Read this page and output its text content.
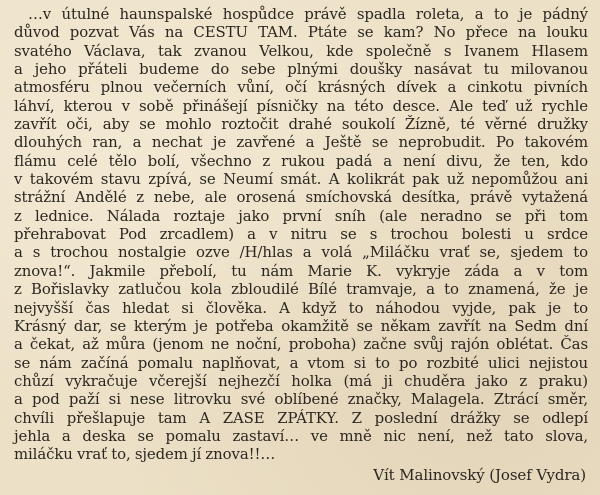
…v útulné haunspalské hospůdce právě spadla roleta, a to je pádný
důvod pozvat Vás na CESTU TAM. Ptáte se kam? No přece na louku
svatého Václava, tak zvanou Velkou, kde společně s Ivanem Hlasem
a jeho přáteli budeme do sebe plnými doušky nasávat tu milovanou
atmosféru plnou večerních vůní, očí krásných dívek a cinkotu pivních
láhví, kterou v sobě přinášejí písničky na této desce. Ale teď už rychle
zavřít oči, aby se mohlo roztočit drahé soukolí Žízně, té věrné družky
dlouhých ran, a nechat je zavřené a Ještě se neprobudit. Po takovém
flámu celé tělo bolí, všechno z rukou padá a není divu, že ten, kdo
v takovém stavu zpívá, se Neumí smát. A kolikrát pak už nepomůžou ani
strážní Andělé z nebe, ale orosená smíchovská desítka, právě vytažená
z lednice. Nálada roztaje jako první sníh (ale neradno se při tom
přehrabovat Pod zrcadlem) a v nitru se s trochou bolesti u srdce
a s trochou nostalgie ozve /H/hlas a volá „Miláčku vrať se, sjedem to
znova!“. Jakmile přebolí, tu nám Marie K. vykryje záda a v tom
z Bořislavky zatlučou kola zbloudilé Bílé tramvaje, a to znamená, že je
nejvyšší čas hledat si člověka. A když to náhodou vyjde, pak je to
Krásný dar, se kterým je potřeba okamžitě se někam zavřít na Sedm dní
a čekat, až můra (jenom ne noční, proboha) začne svůj rajón oblétat. Čas
se nám začíná pomalu naplňovat, a vtom si to po rozbité ulici nejistou
chůzí vykračuje včerejší nejhezčí holka (má ji chuděra jako z praku)
a pod paží si nese litrovku své oblíbené značky, Malagela. Ztrácí směr,
chvíli přešlapuje tam A ZASE ZPÁTKY. Z poslední drážky se odlepí
jehla a deska se pomalu zastaví… ve mně nic není, než tato slova,
miláčku vrať to, sjedem jí znova!!…
Vít Malinovský (Josef Vydra)
